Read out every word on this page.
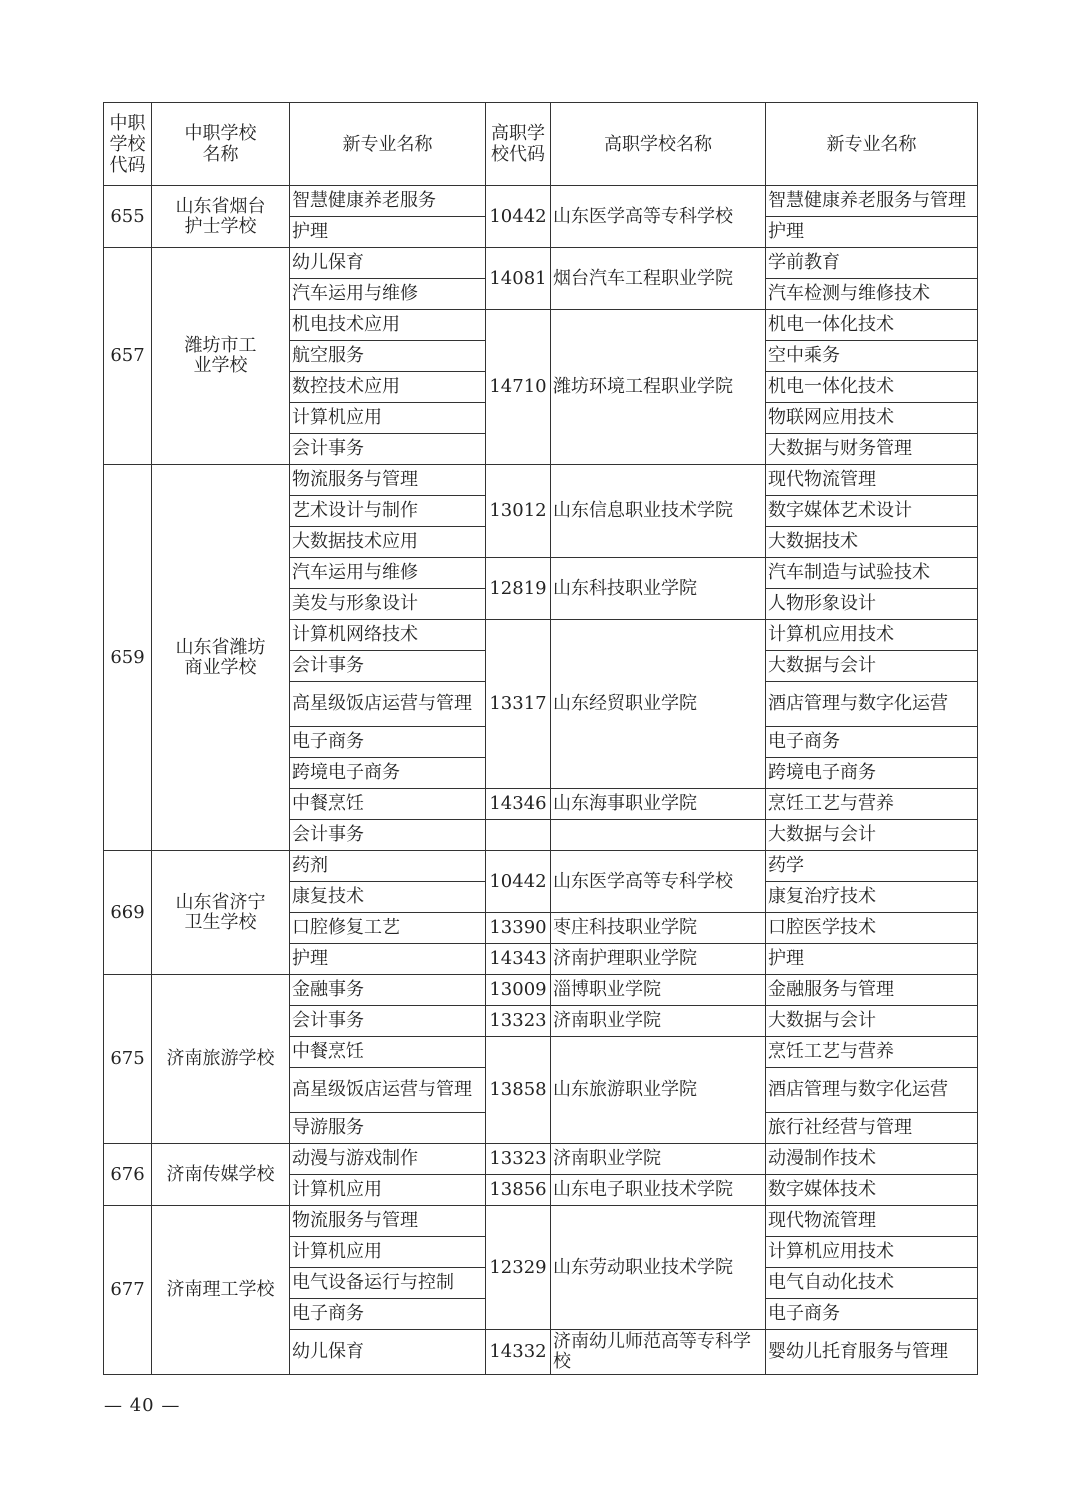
中职学校代码	中职学校名称	新专业名称	高职学校代码	高职学校名称	新专业名称
655	山东省烟台护士学校	智慧健康养老服务	10442	山东医学高等专科学校	智慧健康养老服务与管理
		护理			护理
657	潍坊市工业学校	幼儿保育	14081	烟台汽车工程职业学院	学前教育
		汽车运用与维修			汽车检测与维修技术
		机电技术应用	14710	潍坊环境工程职业学院	机电一体化技术
		航空服务			空中乘务
		数控技术应用			机电一体化技术
		计算机应用			物联网应用技术
		会计事务			大数据与财务管理
659	山东省潍坊商业学校	物流服务与管理	13012	山东信息职业技术学院	现代物流管理
		艺术设计与制作			数字媒体艺术设计
		大数据技术应用			大数据技术
		汽车运用与维修	12819	山东科技职业学院	汽车制造与试验技术
		美发与形象设计			人物形象设计
		计算机网络技术	13317	山东经贸职业学院	计算机应用技术
		会计事务			大数据与会计
		高星级饭店运营与管理			酒店管理与数字化运营
		电子商务			电子商务
		跨境电子商务			跨境电子商务
		中餐烹饪	14346	山东海事职业学院	烹饪工艺与营养
		会计事务			大数据与会计
669	山东省济宁卫生学校	药剂	10442	山东医学高等专科学校	药学
		康复技术			康复治疗技术
		口腔修复工艺	13390	枣庄科技职业学院	口腔医学技术
		护理	14343	济南护理职业学院	护理
675	济南旅游学校	金融事务	13009	淄博职业学院	金融服务与管理
		会计事务	13323	济南职业学院	大数据与会计
		中餐烹饪	13858	山东旅游职业学院	烹饪工艺与营养
		高星级饭店运营与管理			酒店管理与数字化运营
		导游服务			旅行社经营与管理
676	济南传媒学校	动漫与游戏制作	13323	济南职业学院	动漫制作技术
		计算机应用	13856	山东电子职业技术学院	数字媒体技术
677	济南理工学校	物流服务与管理	12329	山东劳动职业技术学院	现代物流管理
		计算机应用			计算机应用技术
		电气设备运行与控制			电气自动化技术
		电子商务			电子商务
		幼儿保育	14332	济南幼儿师范高等专科学校	婴幼儿托育服务与管理
— 40 —
